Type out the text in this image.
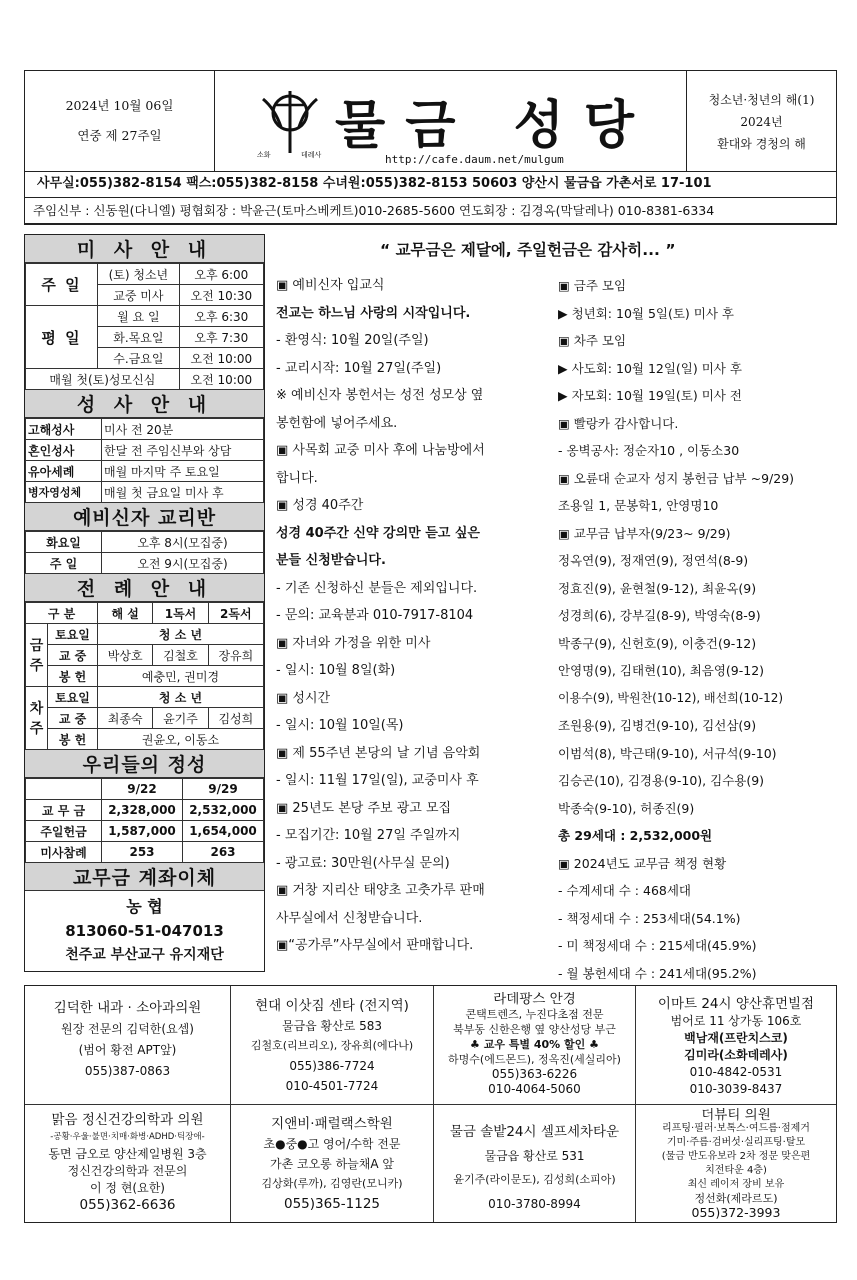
2024년 10월 06일
연중 제 27주일
소화	데레사 물금 성당
http://cafe.daum.net/mulgum
청소년·청년의 해(1)
2024년
환대와 경청의 해
사무실:055)382-8154 팩스:055)382-8158 수녀원:055)382-8153 50603 양산시 물금읍 가촌서로 17-101
주임신부 : 신동원(다니엘) 평협회장 : 박윤근(토마스베케트)010-2685-5600 연도회장 : 김경옥(막달레나) 010-8381-6334
미 사 안 내
주 일	(토) 청소년	오후 6:00
	교중 미사	오전 10:30
평 일	월 요 일	오후 6:30
	화.목요일	오후 7:30
	수.금요일	오전 10:00
매월 첫(토)성모신심		오전 10:00
성 사 안 내
고해성사	미사 전 20분
혼인성사	한달 전 주임신부와 상담
유아세례	매월 마지막 주 토요일
병자영성체	매월 첫 금요일 미사 후
예비신자 교리반
화요일	오후 8시(모집중)
주 일	오전 9시(모집중)
전 례 안 내
구 분		해 설	1독서	2독서
금주	토요일	청 소 년		
	교 중	박상호	김철호	장유희
	봉 헌	예충민, 권미경		
차주	토요일	청 소 년		
	교 중	최종숙	윤기주	김성희
	봉 헌	권윤오, 이동소		
우리들의 정성
	9/22	9/29
교 무 금	2,328,000	2,532,000
주일헌금	1,587,000	1,654,000
미사참례	253	263
교무금 계좌이체
농 협
813060-51-047013
천주교 부산교구 유지재단
“ 교무금은 제달에, 주일헌금은 감사히... ”
▣ 예비신자 입교식
전교는 하느님 사랑의 시작입니다.
- 환영식: 10월 20일(주일)
- 교리시작: 10월 27일(주일)
※ 예비신자 봉헌서는 성전 성모상 옆
봉헌함에 넣어주세요.
▣ 사목회 교중 미사 후에 나눔방에서
합니다.
▣ 성경 40주간
성경 40주간 신약 강의만 듣고 싶은
분들 신청받습니다.
- 기존 신청하신 분들은 제외입니다.
- 문의: 교육분과 010-7917-8104
▣ 자녀와 가정을 위한 미사
- 일시: 10월 8일(화)
▣ 성시간
- 일시: 10월 10일(목)
▣ 제 55주년 본당의 날 기념 음악회
- 일시: 11월 17일(일), 교중미사 후
▣ 25년도 본당 주보 광고 모집
- 모집기간: 10월 27일 주일까지
- 광고료: 30만원(사무실 문의)
▣ 거창 지리산 태양초 고춧가루 판매
사무실에서 신청받습니다.
▣“공가루”사무실에서 판매합니다.
▣ 금주 모임
▶ 청년회: 10월 5일(토) 미사 후
▣ 차주 모임
▶ 사도회: 10월 12일(일) 미사 후
▶ 자모회: 10월 19일(토) 미사 전
▣ 빨랑카 감사합니다.
- 옹벽공사: 정순자10 , 이동소30
▣ 오륜대 순교자 성지 봉헌금 납부 ~9/29)
조용일 1, 문봉학1, 안영명10
▣ 교무금 납부자(9/23~ 9/29)
정옥연(9), 정재연(9), 정연석(8-9)
정효진(9), 윤현철(9-12), 최윤옥(9)
성경희(6), 강부길(8-9), 박영숙(8-9)
박종구(9), 신헌호(9), 이충건(9-12)
안영명(9), 김태현(10), 최음영(9-12)
이용수(9), 박원찬(10-12), 배선희(10-12)
조원용(9), 김병건(9-10), 김선삼(9)
이범석(8), 박근태(9-10), 서규석(9-10)
김승곤(10), 김경용(9-10), 김수용(9)
박종숙(9-10), 허종진(9)
총 29세대 : 2,532,000원
▣ 2024년도 교무금 책정 현황
- 수계세대 수 : 468세대
- 책정세대 수 : 253세대(54.1%)
- 미 책정세대 수 : 215세대(45.9%)
- 월 봉헌세대 수 : 241세대(95.2%)
김덕한 내과 · 소아과의원
원장 전문의 김덕한(요셉)
(범어 황전 APT앞)
055)387-0863
현대 이삿짐 센타 (전지역)
물금읍 황산로 583
김철호(리브리오), 장유희(에다나)
055)386-7724
010-4501-7724
라데팡스 안경
콘택트렌즈, 누진다초점 전문
북부동 신한은행 옆 양산성당 부근
♣ 교우 특별 40% 할인 ♣
하명수(에드몬드), 정옥진(세실리아)
055)363-6226
010-4064-5060
이마트 24시 양산휴먼빌점
범어로 11 상가동 106호
백남재(프란치스코)
김미라(소화데레사)
010-4842-0531
010-3039-8437
맑음 정신건강의학과 의원
-공황·우울·불면·치매·화병·ADHD·틱장애-
동면 금오로 양산제일병원 3층
정신건강의학과 전문의
이 정 현(요한)
055)362-6636
지앤비·패럴랙스학원
초●중●고 영어/수학 전문
가촌 코오롱 하늘채A 앞
김상화(루까), 김영란(모니카)
055)365-1125
물금 솔밭24시 셀프세차타운
물금읍 황산로 531
윤기주(라이문도), 김성희(소피아)
010-3780-8994
더뷰티 의원
리프팅·필러·보톡스·여드름·점제거
기미·주름·검버섯·실리프팅·탈모
(물금 반도유보라 2차 정문 맞은편
치전타운 4층)
최신 레이저 장비 보유
정선화(제라르도)
055)372-3993
